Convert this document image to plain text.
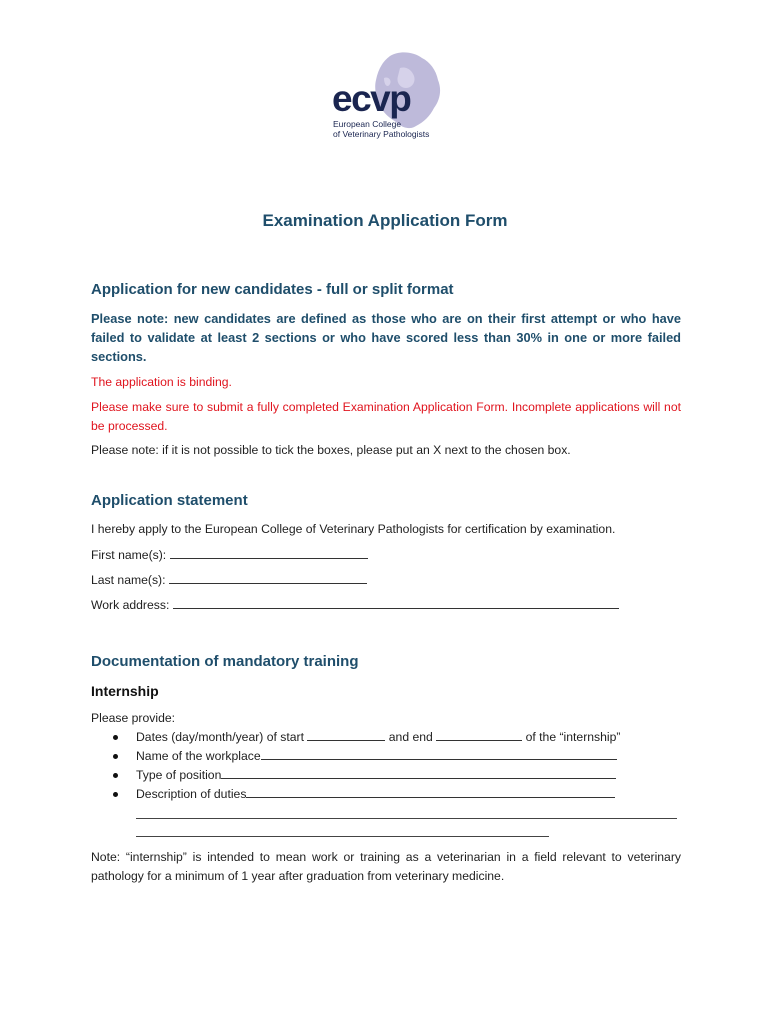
ecvp
European College
of Veterinary Pathologists
Examination Application Form
Application for new candidates - full or split format
Please note: new candidates are defined as those who are on their first attempt or who have failed to validate at least 2 sections or who have scored less than 30% in one or more failed sections.
The application is binding.
Please make sure to submit a fully completed Examination Application Form. Incomplete applications will not be processed.
Please note: if it is not possible to tick the boxes, please put an X next to the chosen box.
Application statement
I hereby apply to the European College of Veterinary Pathologists for certification by examination.
First name(s):
Last name(s):
Work address:
Documentation of mandatory training
Internship
Please provide:
Dates (day/month/year) of start	and end	of the “internship”
Name of the workplace
Type of position
Description of duties
Note: “internship” is intended to mean work or training as a veterinarian in a field relevant to veterinary pathology for a minimum of 1 year after graduation from veterinary medicine.
